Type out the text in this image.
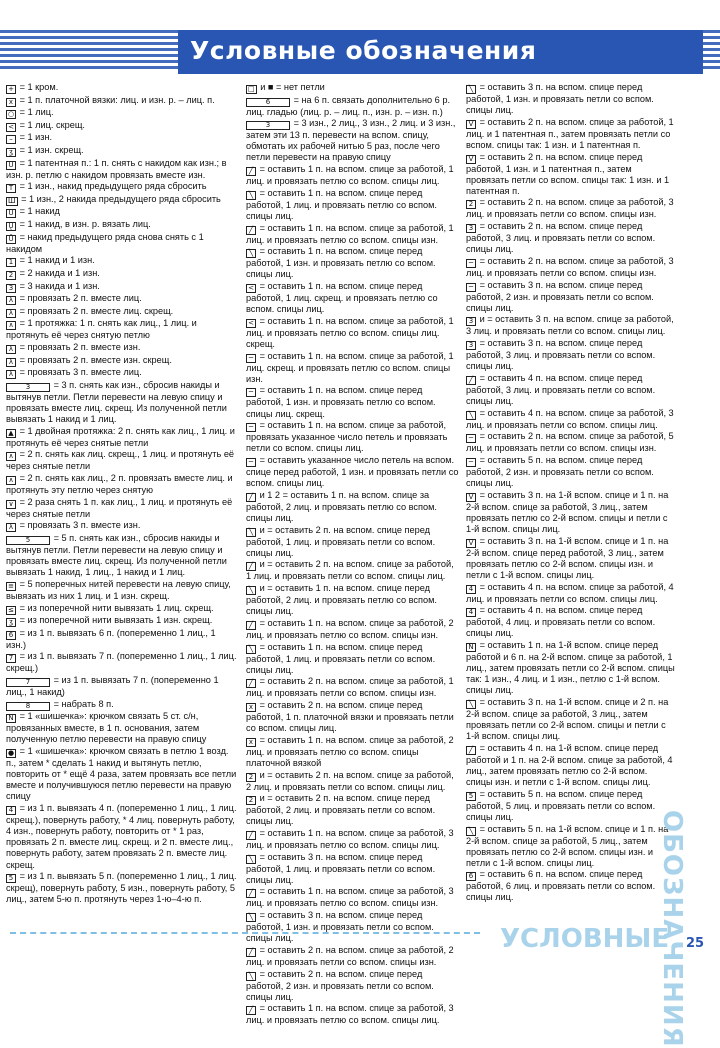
Условные обозначения
+ = 1 кром.
x = 1 п. платочной вязки: лиц. и изн. р. – лиц. п.
○ = 1 лиц.
< = 1 лиц. скрещ.
– = 1 изн.
ʒ = 1 изн. скрещ.
U = 1 патентная п.: 1 п. снять с накидом как изн.; в изн. р. петлю с накидом провязать вместе изн.
T = 1 изн., накид предыдущего ряда сбросить
Ш = 1 изн., 2 накида предыдущего ряда сбросить
U = 1 накид
Ų = 1 накид, в изн. р. вязать лиц.
Ū = накид предыдущего ряда снова снять с 1 накидом
1 = 1 накид и 1 изн.
2 = 2 накида и 1 изн.
3 = 3 накида и 1 изн.
λ = провязать 2 п. вместе лиц.
λ = провязать 2 п. вместе лиц. скрещ.
∧ = 1 протяжка: 1 п. снять как лиц., 1 лиц. и протянуть её через снятую петлю
λ = провязать 2 п. вместе изн.
λ = провязать 2 п. вместе изн. скрещ.
λ = провязать 3 п. вместе лиц.
3	= 3 п. снять как изн., сбросив накиды и вытянув петли. Петли перевести на левую спицу и провязать вместе лиц. скрещ. Из полученной петли вывязать 1 накид и 1 лиц.
▲ = 1 двойная протяжка: 2 п. снять как лиц., 1 лиц. и протянуть её через снятые петли
∧ = 2 п. снять как лиц. скрещ., 1 лиц. и протянуть её через снятые петли
∧ = 2 п. снять как лиц., 2 п. провязать вместе лиц. и протянуть эту петлю через снятую
∨ = 2 раза снять 1 п. как лиц., 1 лиц. и протянуть её через снятые петли
λ = провязать 3 п. вместе изн.
5	= 5 п. снять как изн., сбросив накиды и вытянув петли. Петли перевести на левую спицу и провязать вместе лиц. скрещ. Из полученной петли вывязать 1 накид, 1 лиц., 1 накид и 1 лиц.
≡ = 5 поперечных нитей перевести на левую спицу, вывязать из них 1 лиц. и 1 изн. скрещ.
≤ = из поперечной нити вывязать 1 лиц. скрещ.
ʒ = из поперечной нити вывязать 1 изн. скрещ.
6 = из 1 п. вывязать 6 п. (попеременно 1 лиц., 1 изн.)
7 = из 1 п. вывязать 7 п. (попеременно 1 лиц., 1 лиц. скрещ.)
7	= из 1 п. вывязать 7 п. (попеременно 1 лиц., 1 накид)
8	= набрать 8 п.
N = 1 «шишечка»: крючком связать 5 ст. с/н, провязанных вместе, в 1 п. основания, затем полученную петлю перевести на правую спицу
● = 1 «шишечка»: крючком связать в петлю 1 возд. п., затем * сделать 1 накид и вытянуть петлю, повторить от * ещё 4 раза, затем провязать все петли вместе и получившуюся петлю перевести на правую спицу
4 = из 1 п. вывязать 4 п. (попеременно 1 лиц., 1 лиц. скрещ.), повернуть работу, * 4 лиц. повернуть работу, 4 изн., повернуть работу, повторить от * 1 раз, провязать 2 п. вместе лиц. скрещ. и 2 п. вместе лиц., повернуть работу, затем провязать 2 п. вместе лиц. скрещ.
5 = из 1 п. вывязать 5 п. (попеременно 1 лиц., 1 лиц. скрещ), повернуть работу, 5 изн., повернуть работу, 5 лиц., затем 5-ю п. протянуть через 1-ю–4-ю п.
□ и ■ = нет петли
6	= на 6 п. связать дополнительно 6 р. лиц. гладью (лиц. р. – лиц. п., изн. р. – изн. п.)
3	= 3 изн., 2 лиц., 3 изн., 2 лиц. и 3 изн., затем эти 13 п. перевести на вспом. спицу, обмотать их рабочей нитью 5 раз, после чего петли перевести на правую спицу
╱ = оставить 1 п. на вспом. спице за работой, 1 лиц. и провязать петлю со вспом. спицы лиц.
╲ = оставить 1 п. на вспом. спице перед работой, 1 лиц. и провязать петлю со вспом. спицы лиц.
╱ = оставить 1 п. на вспом. спице за работой, 1 лиц. и провязать петлю со вспом. спицы изн.
╲ = оставить 1 п. на вспом. спице перед работой, 1 изн. и провязать петлю со вспом. спицы лиц.
< = оставить 1 п. на вспом. спице перед работой, 1 лиц. скрещ. и провязать петлю со вспом. спицы лиц.
< = оставить 1 п. на вспом. спице за работой, 1 лиц. и провязать петлю со вспом. спицы лиц. скрещ.
─ = оставить 1 п. на вспом. спице за работой, 1 лиц. скрещ. и провязать петлю со вспом. спицы изн.
─ = оставить 1 п. на вспом. спице перед работой, 1 изн. и провязать петлю со вспом. спицы лиц. скрещ.
─ = оставить 1 п. на вспом. спице за работой, провязать указанное число петель и провязать петли со вспом. спицы лиц.
─ = оставить указанное число петель на вспом. спице перед работой, 1 изн. и провязать петли со вспом. спицы лиц.
╱ и 1 2 = оставить 1 п. на вспом. спице за работой, 2 лиц. и провязать петлю со вспом. спицы лиц.
╲ и = оставить 2 п. на вспом. спице перед работой, 1 лиц. и провязать петли со вспом. спицы лиц.
╱ и = оставить 2 п. на вспом. спице за работой, 1 лиц. и провязать петли со вспом. спицы лиц.
╲ и = оставить 1 п. на вспом. спице перед работой, 2 лиц. и провязать петлю со вспом. спицы лиц.
╱ = оставить 1 п. на вспом. спице за работой, 2 лиц. и провязать петлю со вспом. спицы изн.
╲ = оставить 1 п. на вспом. спице перед работой, 1 лиц. и провязать петли со вспом. спицы лиц.
╱ = оставить 2 п. на вспом. спице за работой, 1 лиц. и провязать петли со вспом. спицы изн.
x = оставить 2 п. на вспом. спице перед работой, 1 п. платочной вязки и провязать петли со вспом. спицы лиц.
x = оставить 1 п. на вспом. спице за работой, 2 лиц. и провязать петлю со вспом. спицы платочной вязкой
2 и = оставить 2 п. на вспом. спице за работой, 2 лиц. и провязать петли со вспом. спицы лиц.
2 и = оставить 2 п. на вспом. спице перед работой, 2 лиц. и провязать петли со вспом. спицы лиц.
╱ = оставить 1 п. на вспом. спице за работой, 3 лиц. и провязать петлю со вспом. спицы лиц.
╲ = оставить 3 п. на вспом. спице перед работой, 1 лиц. и провязать петли со вспом. спицы лиц.
╱ = оставить 1 п. на вспом. спице за работой, 3 лиц. и провязать петлю со вспом. спицы изн.
╲ = оставить 3 п. на вспом. спице перед работой, 1 изн. и провязать петли со вспом. спицы лиц.
╱ = оставить 2 п. на вспом. спице за работой, 2 лиц. и провязать петли со вспом. спицы изн.
╲ = оставить 2 п. на вспом. спице перед работой, 2 изн. и провязать петли со вспом. спицы лиц.
╱ = оставить 1 п. на вспом. спице за работой, 3 лиц. и провязать петлю со вспом. спицы лиц.
╲ = оставить 3 п. на вспом. спице перед работой, 1 изн. и провязать петли со вспом. спицы лиц.
V = оставить 2 п. на вспом. спице за работой, 1 лиц. и 1 патентная п., затем провязать петли со вспом. спицы так: 1 изн. и 1 патентная п.
V = оставить 2 п. на вспом. спице перед работой, 1 изн. и 1 патентная п., затем провязать петли со вспом. спицы так: 1 изн. и 1 патентная п.
2 = оставить 2 п. на вспом. спице за работой, 3 лиц. и провязать петли со вспом. спицы изн.
3 = оставить 2 п. на вспом. спице перед работой, 3 лиц. и провязать петли со вспом. спицы лиц.
─ = оставить 2 п. на вспом. спице за работой, 3 лиц. и провязать петли со вспом. спицы изн.
─ = оставить 3 п. на вспом. спице перед работой, 2 изн. и провязать петли со вспом. спицы лиц.
3 и = оставить 3 п. на вспом. спице за работой, 3 лиц. и провязать петли со вспом. спицы лиц.
3 = оставить 3 п. на вспом. спице перед работой, 3 лиц. и провязать петли со вспом. спицы лиц.
╱ = оставить 4 п. на вспом. спице перед работой, 3 лиц. и провязать петли со вспом. спицы лиц.
╲ = оставить 4 п. на вспом. спице за работой, 3 лиц. и провязать петли со вспом. спицы лиц.
─ = оставить 2 п. на вспом. спице за работой, 5 лиц. и провязать петли со вспом. спицы изн.
─ = оставить 5 п. на вспом. спице перед работой, 2 изн. и провязать петли со вспом. спицы лиц.
V = оставить 3 п. на 1-й вспом. спице и 1 п. на 2-й вспом. спице за работой, 3 лиц., затем провязать петлю со 2-й вспом. спицы и петли с 1-й вспом. спицы лиц.
V = оставить 3 п. на 1-й вспом. спице и 1 п. на 2-й вспом. спице перед работой, 3 лиц., затем провязать петлю со 2-й вспом. спицы изн. и петли с 1-й вспом. спицы лиц.
4 = оставить 4 п. на вспом. спице за работой, 4 лиц. и провязать петли со вспом. спицы лиц.
4 = оставить 4 п. на вспом. спице перед работой, 4 лиц. и провязать петли со вспом. спицы лиц.
N = оставить 1 п. на 1-й вспом. спице перед работой и 6 п. на 2-й вспом. спице за работой, 1 лиц., затем провязать петли со 2-й вспом. спицы так: 1 изн., 4 лиц. и 1 изн., петлю с 1-й вспом. спицы лиц.
╲ = оставить 3 п. на 1-й вспом. спице и 2 п. на 2-й вспом. спице за работой, 3 лиц., затем провязать петли со 2-й вспом. спицы и петли с 1-й вспом. спицы лиц.
╱ = оставить 4 п. на 1-й вспом. спице перед работой и 1 п. на 2-й вспом. спице за работой, 4 лиц., затем провязать петлю со 2-й вспом. спицы изн. и петли с 1-й вспом. спицы лиц.
5 = оставить 5 п. на вспом. спице перед работой, 5 лиц. и провязать петли со вспом. спицы лиц.
╲ = оставить 5 п. на 1-й вспом. спице и 1 п. на 2-й вспом. спице за работой, 5 лиц., затем провязать петлю со 2-й вспом. спицы изн. и петли с 1-й вспом. спицы лиц.
6 = оставить 6 п. на вспом. спице перед работой, 6 лиц. и провязать петли со вспом. спицы лиц.	ОБОЗНАЧЕНИЯ
УСЛОВНЫЕ 25
